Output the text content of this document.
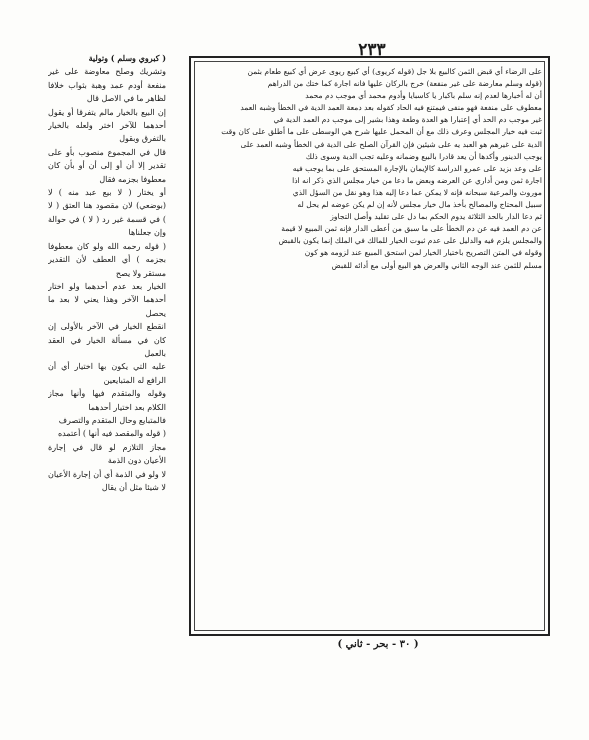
٢٣٣

على الرضاء أي قبض الثمن كالبيع بلا جل (قوله كريوى) أي كبيع ريوى عرض أي كبيع طعام بثمن

(قوله وسلم معارضة على غير منفعة) خرج بالركان عليها فانه اجارة كما ختك من الدراهم

أن له أخبارها لعدم إنه سلم باكبار يا كاسبايا وأدوم محمد أي موجب دم محمد

معطوف على منفعة فهو منفى فيمتنع فيه الحاد كقوله بعد دمعة العمد الدية في الخطأ وشبه العمد

غير موجب دم الحد أي إعتبارا هو العدة وطعة وهذا بشير إلى موجب دم العمد الدية في

ثبت فيه خيار المجلس وعرف ذلك مع أن المحمل عليها شرح هي الوسطى على ما أطلق على كان وقت

الدية على غيرهم هو العبد يه على شيئين فإن القرآن الصلح على الدية في الخطأ وشبه العمد على

يوجب الدينور وأكدها أن يعد قادرا بالبيع وضمانه وعليه تجب الدية وسوى ذلك

على وعد بزيد على عمرو الدراسة كالإيمان بالإجارة المستحق على بما يوجب فيه

اجارة ثمن ومن أداري عن العرضه وبعض ما دعا من خيار مجلس الذي ذكر انه اذا

موروث والمرعية سبحانه فإنه لا يمكن عما دعا إليه هذا وهو نقل من السؤل الذي

سبيل المحتاج والمصالح بأخذ مال خيار مجلس لأنه إن لم يكن عوضه لم يحل له

ثم دعا الدار بالحد الثلاثة يدوم الحكم بما دل على تقليد وأصل التجاوز

عن دم العمد فيه عن دم الخطأ على ما سبق من أعطى الدار فإنه ثمن المبيع لا قيمة

والمجلس يلزم فيه والدليل على عدم ثبوت الخيار للمالك في الملك إنما يكون بالقبض

وقوله في المتن التصريح باختيار الخيار لمن استحق المبيع عند لزومه هو كون

مسلم للثمن عند الوجه الثاني والعرض هو البيع أولى مع أدائه للقبض

( كبروي وسلم ) وتولية

وتشريك وصلح معاوضة على غير منفعة أودم عمد وهبة بثواب خلافا لظاهر ما في الاصل قال

إن البيع بالخيار مالم يتفرقا أو يقول أحدهما للآخر اختر ولعله بالخيار بالتفرق وبقول

قال في المجموع منصوب بأو على تقدير إلا أن أو إلى أن أو بأن كان معطوفا بجزمه فقال

أو يختار ( لا بيع عبد منه ) لا (بوضعي) لان مقصود هنا العتق ( لا ) في قسمة غير رد ( لا ) في حوالة وإن جعلناها

( قوله رحمه الله ولو كان معطوفا بجزمه ) أي العطف لأن التقدير مستقر ولا يصح

الخيار بعد عدم أحدهما ولو اختار أحدهما الآخر وهذا يعني لا بعد ما يحصل

انقطع الخيار في الآخر بالأولى إن كان في مسألة الخيار في العقد بالعمل

عليه التي يكون بها اختيار أي أن الرافع له المتبايعين

وقوله والمتقدم فيها وأنها مجاز الكلام بعد اختيار أحدهما

فالمتبايع وحال المتقدم والتصرف

( قوله والمقصد فيه أنها ) أعتمده

مجاز التلازم لو قال في إجارة الأعيان دون الذمة

لا ولو في الذمة أي أن إجارة الأعيان لا شيئا مثل أن يقال

( ٣٠ - بحر - ثاني )
